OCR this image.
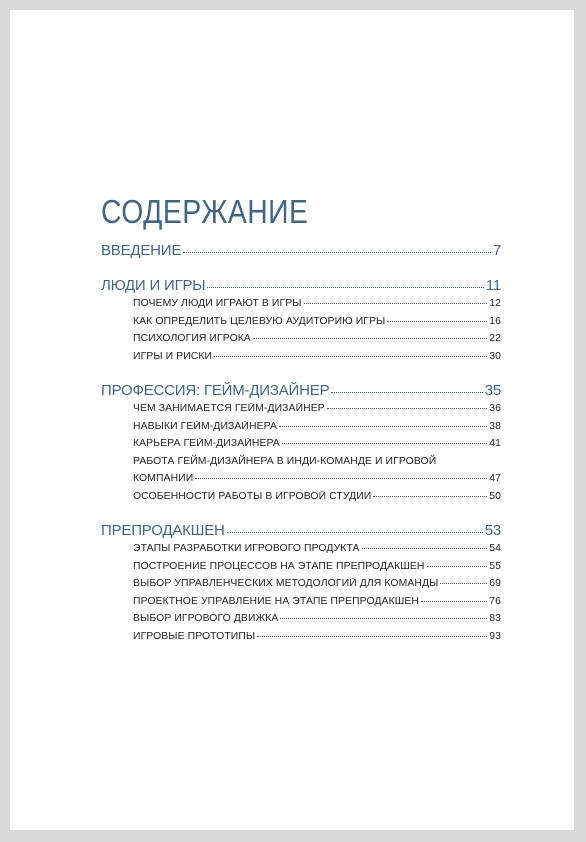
СОДЕРЖАНИЕ
ВВЕДЕНИЕ	7
ЛЮДИ И ИГРЫ	11
ПОЧЕМУ ЛЮДИ ИГРАЮТ В ИГРЫ	12
КАК ОПРЕДЕЛИТЬ ЦЕЛЕВУЮ АУДИТОРИЮ ИГРЫ	16
ПСИХОЛОГИЯ ИГРОКА	22
ИГРЫ И РИСКИ	30
ПРОФЕССИЯ: ГЕЙМ-ДИЗАЙНЕР	35
ЧЕМ ЗАНИМАЕТСЯ ГЕЙМ-ДИЗАЙНЕР	36
НАВЫКИ ГЕЙМ-ДИЗАЙНЕРА	38
КАРЬЕРА ГЕЙМ-ДИЗАЙНЕРА	41
РАБОТА ГЕЙМ-ДИЗАЙНЕРА В ИНДИ-КОМАНДЕ И ИГРОВОЙ
КОМПАНИИ	47
ОСОБЕННОСТИ РАБОТЫ В ИГРОВОЙ СТУДИИ	50
ПРЕПРОДАКШЕН	53
ЭТАПЫ РАЗРАБОТКИ ИГРОВОГО ПРОДУКТА	54
ПОСТРОЕНИЕ ПРОЦЕССОВ НА ЭТАПЕ ПРЕПРОДАКШЕН	55
ВЫБОР УПРАВЛЕНЧЕСКИХ МЕТОДОЛОГИЙ ДЛЯ КОМАНДЫ	69
ПРОЕКТНОЕ УПРАВЛЕНИЕ НА ЭТАПЕ ПРЕПРОДАКШЕН	76
ВЫБОР ИГРОВОГО ДВИЖКА	83
ИГРОВЫЕ ПРОТОТИПЫ	93
